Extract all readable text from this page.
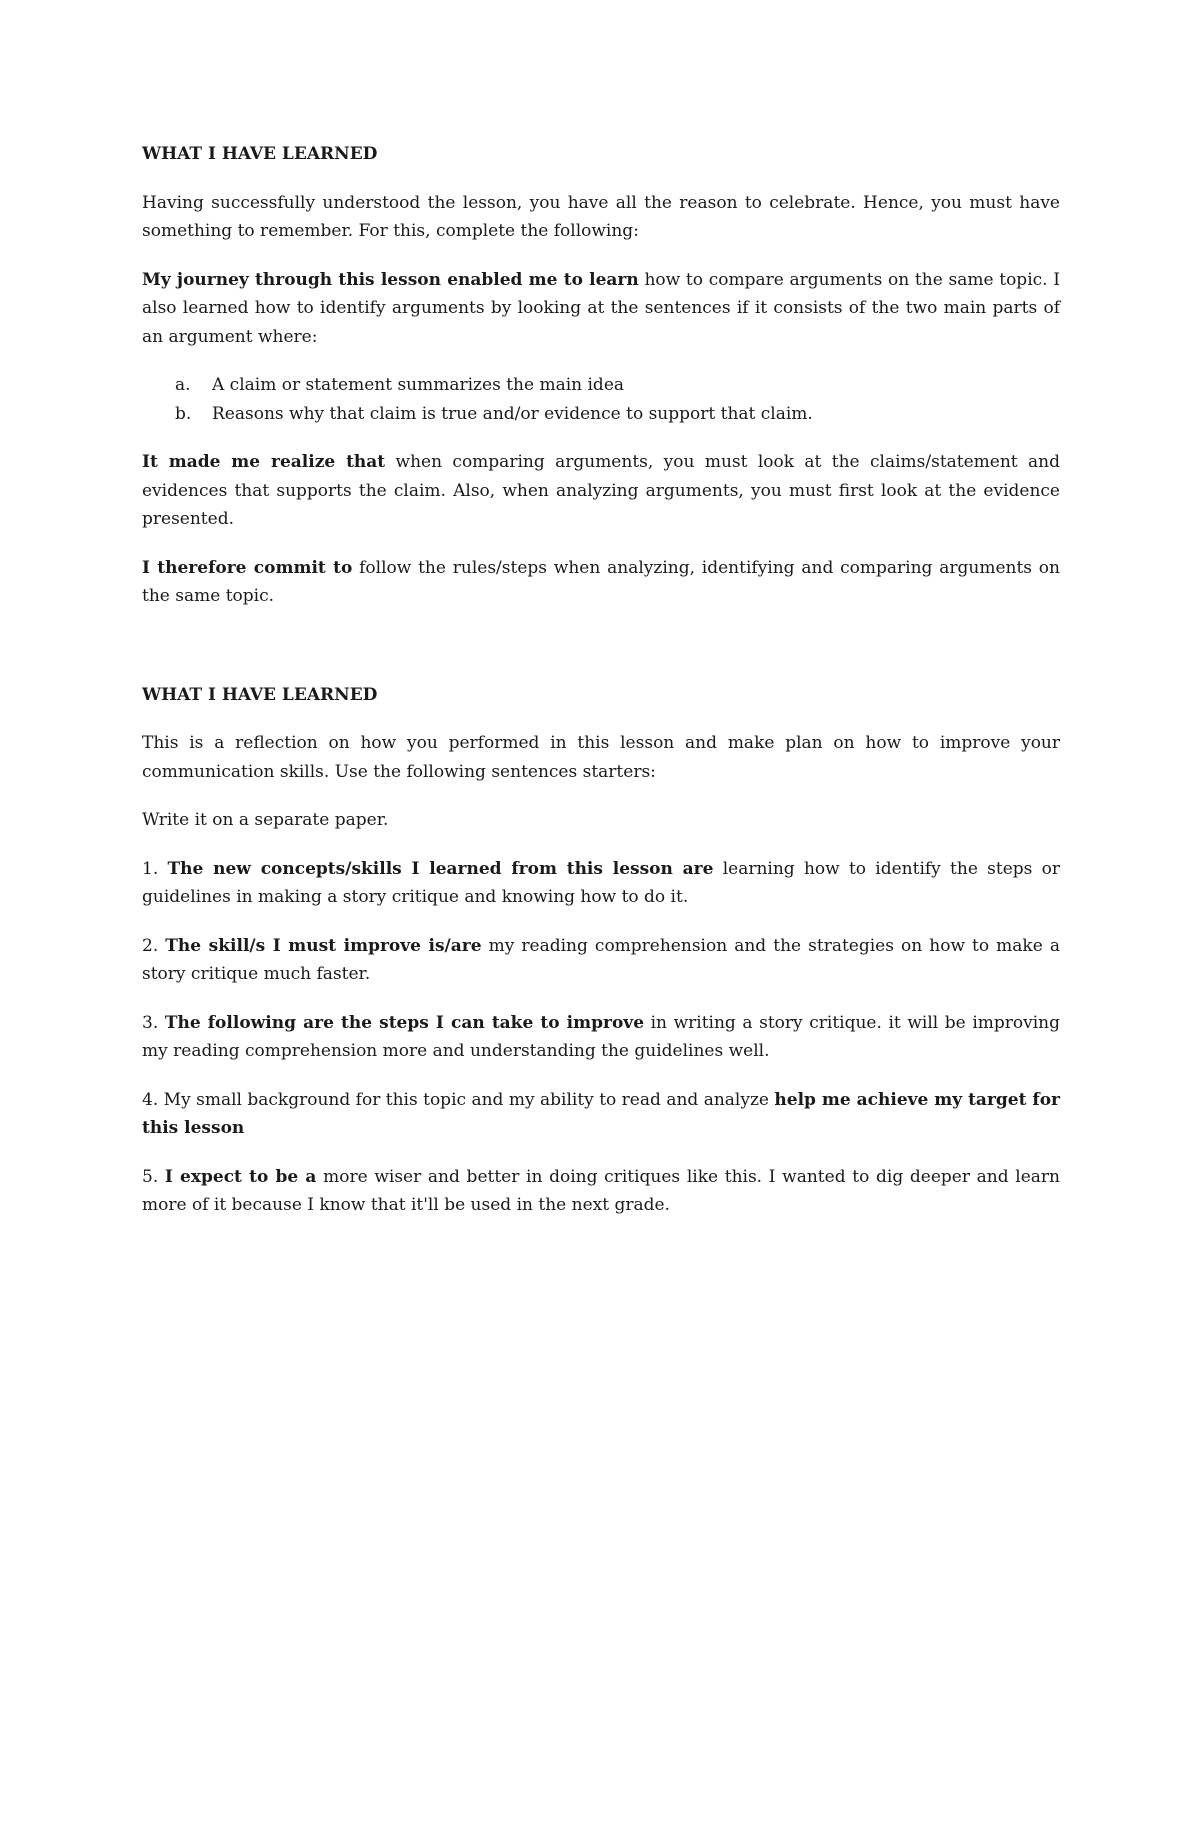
WHAT I HAVE LEARNED

Having successfully understood the lesson, you have all the reason to celebrate. Hence, you must have something to remember. For this, complete the following:

My journey through this lesson enabled me to learn how to compare arguments on the same topic. I also learned how to identify arguments by looking at the sentences if it consists of the two main parts of an argument where:

a.	A claim or statement summarizes the main idea
b.	Reasons why that claim is true and/or evidence to support that claim.

It made me realize that when comparing arguments, you must look at the claims/statement and evidences that supports the claim. Also, when analyzing arguments, you must first look at the evidence presented.

I therefore commit to follow the rules/steps when analyzing, identifying and comparing arguments on the same topic.

WHAT I HAVE LEARNED

This is a reflection on how you performed in this lesson and make plan on how to improve your communication skills. Use the following sentences starters:

Write it on a separate paper.

1. The new concepts/skills I learned from this lesson are learning how to identify the steps or guidelines in making a story critique and knowing how to do it.

2. The skill/s I must improve is/are my reading comprehension and the strategies on how to make a story critique much faster.

3. The following are the steps I can take to improve in writing a story critique. it will be improving my reading comprehension more and understanding the guidelines well.

4. My small background for this topic and my ability to read and analyze help me achieve my target for this lesson

5. I expect to be a more wiser and better in doing critiques like this. I wanted to dig deeper and learn more of it because I know that it'll be used in the next grade.
